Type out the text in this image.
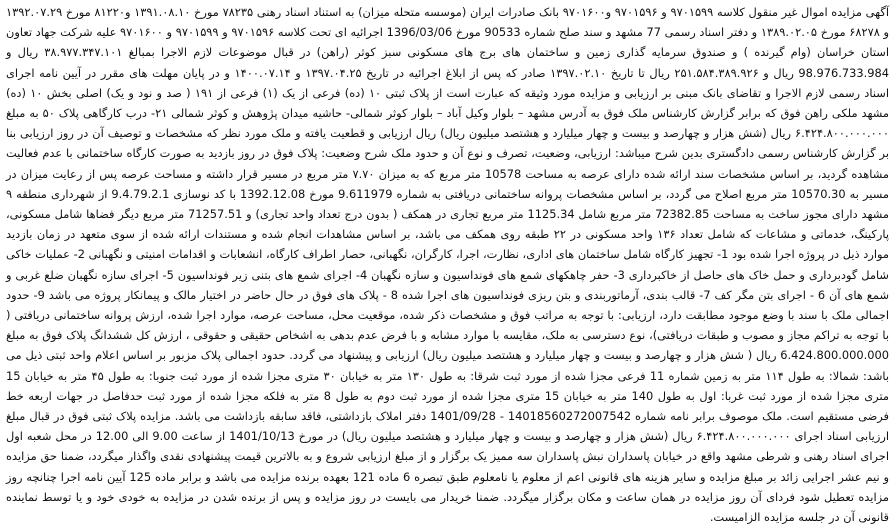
آگهی مزایده اموال غیر منقول کلاسه ۹۷۰۱۵۹۹ و ۹۷۰۱۵۹۶ و۹۷۰۱۶۰۰ بانک صادرات ایران (موسسه متحله میزان) به استناد اسناد رهنی ۷۸۲۳۵ مورخ ۱۳۹۱.۰۸.۱۰ و۸۱۲۲۰ مورخ ۱۳۹۲.۰۷.۲۹ و ۶۸۲۷۸ مورخ ۱۳۸۹.۰۲.۰۵ و دفتر اسناد رسمی 77 مشهد و سند صلح شماره 90533 مورخ 1396/03/06 اجرائیه ای تحت کلاسه ۹۷۰۱۵۹۶ و ۹۷۰۱۵۹۹ و ۹۷۰۱۶۰۰ علیه شرکت جهاد تعاون استان خراسان (وام گیرنده ) و صندوق سرمایه گذاری زمین و ساختمان های برج های مسکونی سبز کوثر (راهن) در قبال موضوعات لازم الاجرا بمبالغ ۳۸.۹۷۷.۳۴۷.۱۰۱ ریال و 98.976.733.984 ریال و ۲۵۱.۵۸۴.۳۸۹.۹۲۶ ریال تا تاریخ ۱۳۹۷.۰۲.۱۰ صادر که پس از ابلاغ اجرائیه در تاریخ ۱۳۹۷.۰۴.۲۵ و ۱۴۰۰.۰۷.۱۴ و در پایان مهلت های مقرر در آیین نامه اجرای اسناد رسمی لازم الاجرا و تقاضای بانک مبنی بر ارزیابی و مزایده مورد وثیقه که عبارت است از پلاک ثبتی ۱۰ (ده) فرعی از یک (۱) فرعی از ۱۹۱ ( صد و نود و یک) اصلی بخش ۱۰ (ده) مشهد ملکی راهن فوق که برابر گزارش کارشناس ملک فوق به آدرس مشهد – بلوار وکیل آباد – بلوار کوثر شمالی- حاشیه میدان پژوهش و کوثر شمالی ۲۱- درب کارگاهی پلاک ۵۰ به مبلغ ۶.۴۲۴.۸۰۰.۰۰۰.۰۰۰ ریال (شش هزار و چهارصد و بیست و چهار میلیارد و هشتصد میلیون ریال) ریال ارزیابی و قطعیت یافته و ملک مورد نظر که مشخصات و توصیف آن در روز ارزیابی بنا بر گزارش کارشناس رسمی دادگستری بدین شرح میباشد: ارزیابی، وضعیت، تصرف و نوع آن و حدود ملک شرح وضعیت: پلاک فوق در روز بازدید به صورت کارگاه ساختمانی با عدم فعالیت مشاهده گردید، بر اساس مشخصات سند ارائه شده دارای عرصه به مساحت 10578 متر مربع که به میزان ۷.۷۰ متر مربع در مسیر قرار داشته و مساحت عرصه پس از رعایت میزان در مسیر به 10570.30 متر مربع اصلاح می گردد، بر اساس مشخصات پروانه ساختمانی دریافتی به شماره 9.611979 مورخ 1392.12.08 با کد نوسازی 9.4.79.2.1 از شهرداری منطقه ۹ مشهد دارای مجوز ساخت به مساحت 72382.85 متر مربع شامل 1125.34 متر مربع تجاری در همکف ( بدون درج تعداد واحد تجاری) و 71257.51 متر مربع دیگر فضاها شامل مسکونی، پارکینگ، خدماتی و مشاعات که شامل تعداد ۱۳۶ واحد مسکونی در ۲۲ طبقه روی همکف می باشد، بر اساس مشاهدات انجام شده و مستندات ارائه شده از سوی متعهد در زمان بازدید موارد ذیل در پروژه اجرا شده بود 1- تجهیز کارگاه شامل ساختمان های اداری، نظارت، اجرا، کارگران، نگهبانی، حصار اطراف کارگاه، انشعابات و اقدامات امنیتی و نگهبانی 2- عملیات خاکی شامل گودبرداری و حمل خاک های حاصل از خاکبرداری 3- حفر چاهکهای شمع های فونداسیون و سازه نگهبان 4- اجرای شمع های بتنی زیر فونداسیون 5- اجرای سازه نگهبان ضلع غربی و شمع های آن 6 - اجرای بتن مگر کف 7- قالب بندی، آرماتوربندی و بتن ریزی فونداسیون های اجرا شده 8 - پلاک های فوق در حال حاضر در اختیار مالک و پیمانکار پروژه می باشد 9- حدود اجمالی ملک با سند با وضع موجود مطابقت دارد، ارزیابی: با توجه به مراتب فوق و مشخصات ذکر شده، موقعیت محل، مساحت عرصه، موارد اجرا شده، ارزش پروانه ساختمانی دریافتی ( با توجه به تراکم مجاز و مصوب و طبقات دریافتی)، نوع دسترسی به ملک، مقایسه با موارد مشابه و با فرض عدم بدهی به اشخاص حقیقی و حقوقی ، ارزش کل ششدانگ پلاک فوق به مبلغ 6.424.800.000.000 ریال ( شش هزار و چهارصد و بیست و چهار میلیارد و هشتصد میلیون ریال) ارزیابی و پیشنهاد می گردد. حدود اجمالی پلاک مزبور بر اساس اعلام واحد ثبتی ذیل می باشد: شمالا: به طول ۱۱۴ متر به زمین شماره 11 فرعی مجزا شده از مورد ثبت شرقا: به طول ۱۳۰ متر به خیابان ۳۰ متری مجزا شده از مورد ثبت جنوبا: به طول ۴۵ متر به خیابان 15 متری مجزا شده از مورد ثبت غربا: اول به طول 140 متر به خیابان 15 متری مجزا شده از مورد ثبت دوم به طول 8 متر به فلکه مجزا شده از مورد ثبت حدفاصل در جهات اربعه خط فرضی مستقیم است. ملک موصوف برابر نامه شماره 14018560272007542 - 1401/09/28 دفتر املاک بازداشتی، فاقد سابقه بازداشت می باشد. مزایده پلاک ثبتی فوق در قبال مبلغ ارزیابی اسناد اجرای ۶.۴۲۴.۸۰۰.۰۰۰.۰۰۰ ریال (شش هزار و چهارصد و بیست و چهار میلیارد و هشتصد میلیون ریال) در مورخ 1401/10/13 از ساعت 9.00 الی 12.00 در محل شعبه اول اجرای اسناد رهنی و شرطی مشهد واقع در خیابان پاسداران نبش پاسداران سه ممیز یک برگزار و از مبلغ ارزیابی شروع و به بالاترین قیمت پیشنهادی نقدی واگذار میگردد، ضمنا حق مزایده و نیم عشر اجرایی زائد بر مبلغ مزایده و سایر هزینه های قانونی اعم از معلوم یا نامعلوم طبق تبصره 6 ماده 121 بعهده برنده مزایده می باشد و برابر ماده 125 آیین نامه اجرا چنانچه روز مزایده تعطیل شود فردای آن روز مزایده در همان ساعت و مکان برگزار میگردد. ضمنا خریدار می بایست در روز مزایده و پس از برنده شدن در مزایده به خودی خود و یا توسط نماینده قانونی آن در جلسه مزایده الزامیست.
